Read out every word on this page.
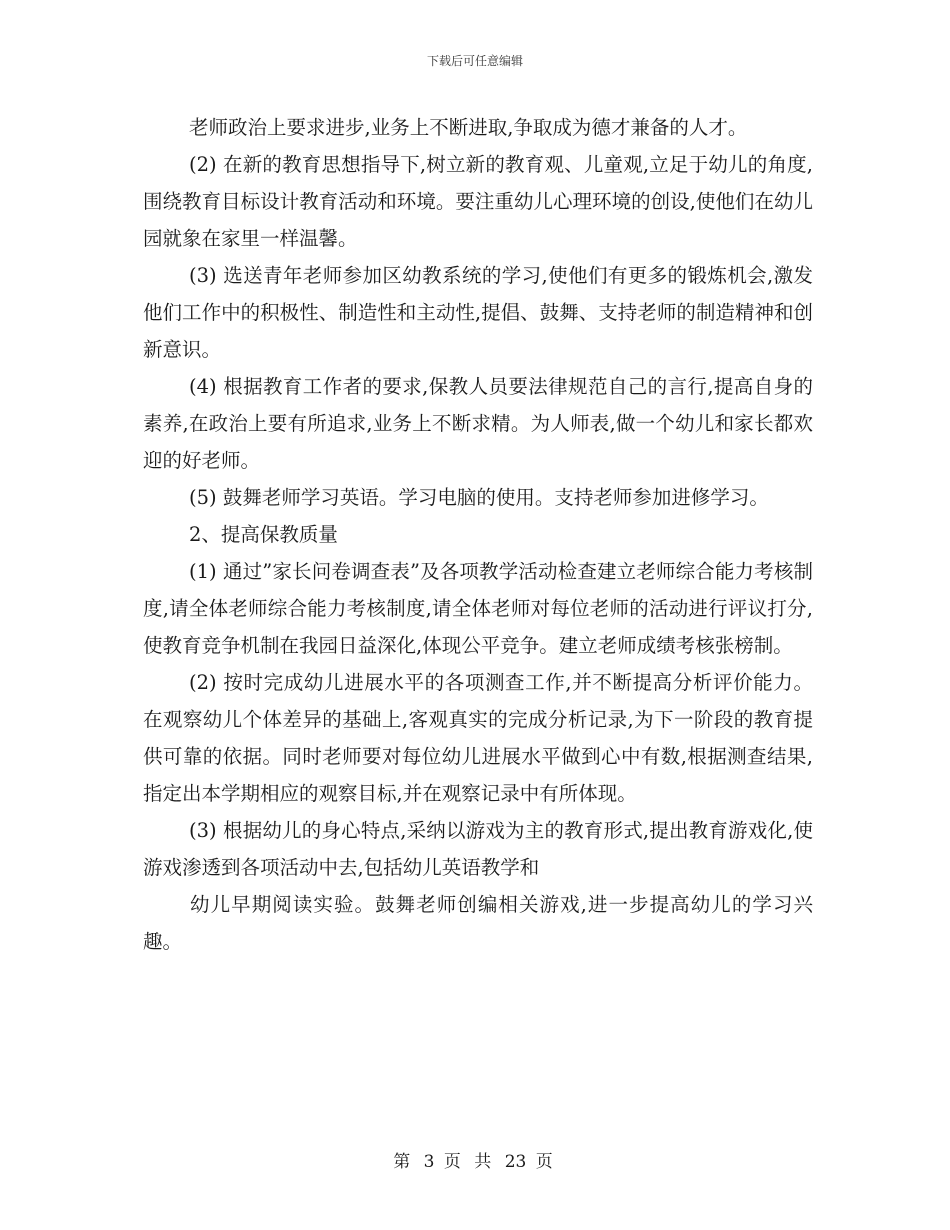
下载后可任意编辑

老师政治上要求进步,业务上不断进取,争取成为德才兼备的人才。

(2) 在新的教育思想指导下,树立新的教育观、儿童观,立足于幼儿的角度,围绕教育目标设计教育活动和环境。要注重幼儿心理环境的创设,使他们在幼儿园就象在家里一样温馨。

(3) 选送青年老师参加区幼教系统的学习,使他们有更多的锻炼机会,激发他们工作中的积极性、制造性和主动性,提倡、鼓舞、支持老师的制造精神和创新意识。

(4) 根据教育工作者的要求,保教人员要法律规范自己的言行,提高自身的素养,在政治上要有所追求,业务上不断求精。为人师表,做一个幼儿和家长都欢迎的好老师。

(5) 鼓舞老师学习英语。学习电脑的使用。支持老师参加进修学习。

2、提高保教质量

(1) 通过”家长问卷调查表”及各项教学活动检查建立老师综合能力考核制度,请全体老师综合能力考核制度,请全体老师对每位老师的活动进行评议打分,使教育竞争机制在我园日益深化,体现公平竞争。建立老师成绩考核张榜制。

(2) 按时完成幼儿进展水平的各项测查工作,并不断提高分析评价能力。在观察幼儿个体差异的基础上,客观真实的完成分析记录,为下一阶段的教育提供可靠的依据。同时老师要对每位幼儿进展水平做到心中有数,根据测查结果,指定出本学期相应的观察目标,并在观察记录中有所体现。

(3) 根据幼儿的身心特点,采纳以游戏为主的教育形式,提出教育游戏化,使游戏渗透到各项活动中去,包括幼儿英语教学和

幼儿早期阅读实验。鼓舞老师创编相关游戏,进一步提高幼儿的学习兴趣。

第 3 页 共 23 页
